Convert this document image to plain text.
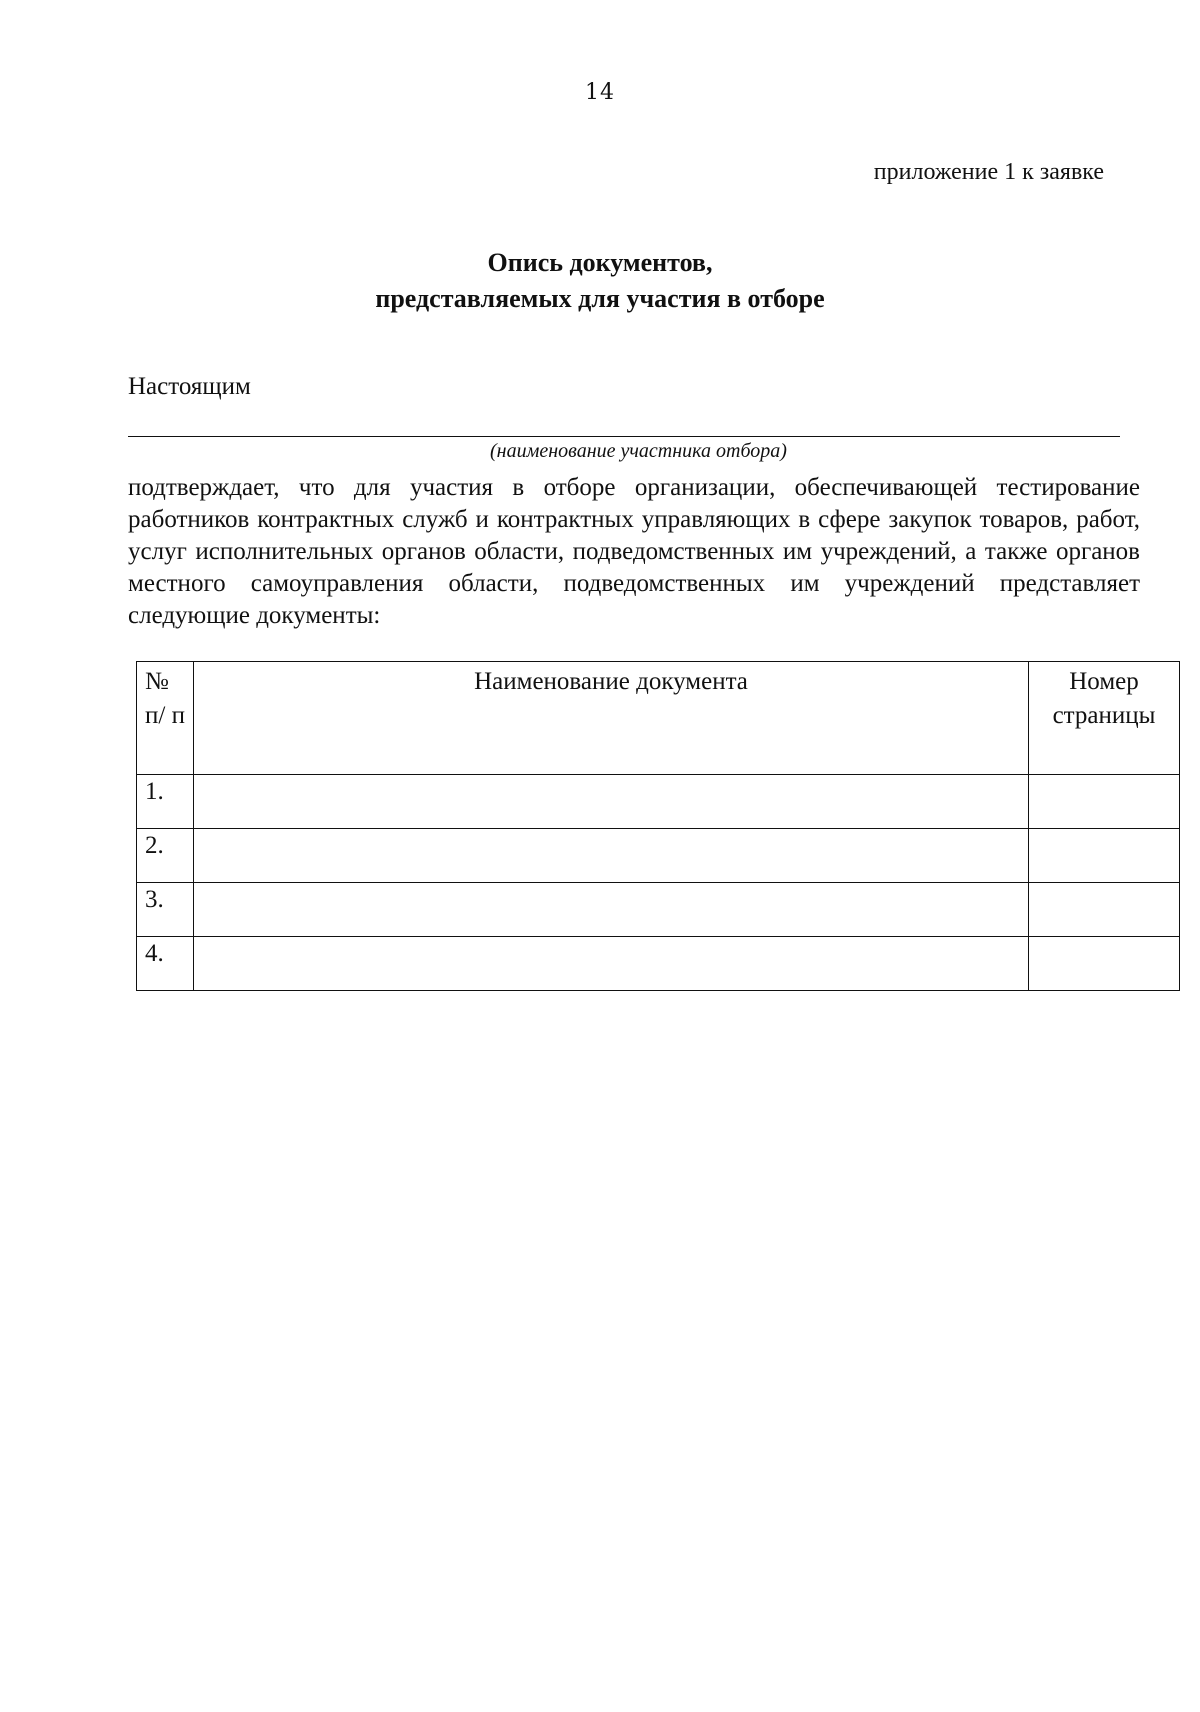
14
приложение 1 к заявке
Опись документов,
представляемых для участия в отборе
Настоящим
(наименование участника отбора)
подтверждает, что для участия в отборе организации, обеспечивающей тестирование работников контрактных служб и контрактных управляющих в сфере закупок товаров, работ, услуг исполнительных органов области, подведомственных им учреждений, а также органов местного самоуправления области, подведомственных им учреждений представляет следующие документы:
№ п/ п	Наименование документа	Номер страницы
1.		
2.		
3.		
4.		
